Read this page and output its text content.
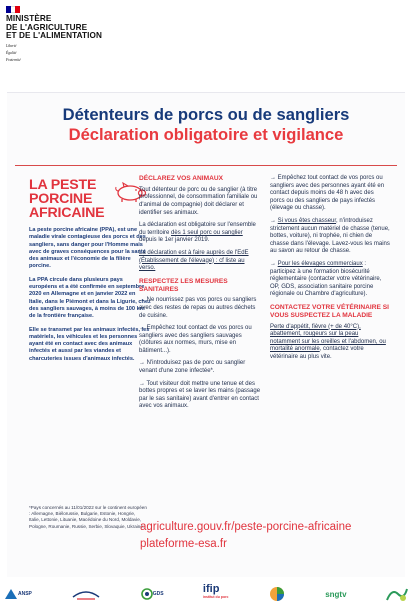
MINISTÈRE
DE L'AGRICULTURE
ET DE L'ALIMENTATION
Liberté
Égalité
Fraternité
Détenteurs de porcs ou de sangliers
Déclaration obligatoire et vigilance
LA PESTE
PORCINE
AFRICAINE

La peste porcine africaine (PPA), est une maladie virale contagieuse des porcs et des sangliers, sans danger pour l'Homme mais avec de graves conséquences pour la santé des animaux et l'économie de la filière porcine.

La PPA circule dans plusieurs pays européens et a été confirmée en septembre 2020 en Allemagne et en janvier 2022 en Italie, dans le Piémont et dans la Ligurie, chez des sangliers sauvages, à moins de 100 km de la frontière française.

Elle se transmet par les animaux infectés, les matériels, les véhicules et les personnes ayant été en contact avec des animaux infectés et aussi par les viandes et charcuteries issues d'animaux infectés.

*Pays concernés au 11/01/2022 sur le continent européen : Allemagne, Biélorussie, Bulgarie, Estonie, Hongrie, Italie, Lettonie, Lituanie, Macédoine du Nord, Moldavie, Pologne, Roumanie, Russie, Serbie, Slovaquie, Ukraine.
DÉCLAREZ VOS ANIMAUX

Tout détenteur de porc ou de sanglier (à titre professionnel, de consommation familiale ou d'animal de compagnie) doit déclarer et identifier ses animaux.

La déclaration est obligatoire sur l'ensemble du territoire dès 1 seul porc ou sanglier depuis le 1er janvier 2019.

La déclaration est à faire auprès de l'EdE (Établissement de l'élevage) : cf liste au verso.

RESPECTEZ LES MESURES SANITAIRES

→ Ne nourrissez pas vos porcs ou sangliers avec des restes de repas ou autres déchets de cuisine.

→ Empêchez tout contact de vos porcs ou sangliers avec des sangliers sauvages (clôtures aux normes, murs, mise en bâtiment...).

→ N'introduisez pas de porc ou sanglier venant d'une zone infectée*.

→ Tout visiteur doit mettre une tenue et des bottes propres et se laver les mains (passage par le sas sanitaire) avant d'entrer en contact avec vos animaux.

→ Empêchez tout contact de vos porcs ou sangliers avec des personnes ayant été en contact depuis moins de 48 h avec des porcs ou des sangliers de pays infectés (élevage ou chasse).

→ Si vous êtes chasseur, n'introduisez strictement aucun matériel de chasse (tenue, bottes, voiture), ni trophée, ni chien de chasse dans l'élevage. Lavez-vous les mains au savon au retour de chasse.

→ Pour les élevages commerciaux : participez à une formation biosécurité réglementaire (contacter votre vétérinaire, OP, GDS, association sanitaire porcine régionale ou Chambre d'agriculture).

CONTACTEZ VOTRE VÉTÉRINAIRE SI VOUS SUSPECTEZ LA MALADIE

Perte d'appétit, fièvre (+ de 40°C), abattement, rougeurs sur la peau notamment sur les oreilles et l'abdomen, ou mortalité anormale, contactez votre vétérinaire au plus vite.

agriculture.gouv.fr/peste-porcine-africaine
plateforme-esa.fr
ANSP	GDS	ifip
institut du porc	sngtv
